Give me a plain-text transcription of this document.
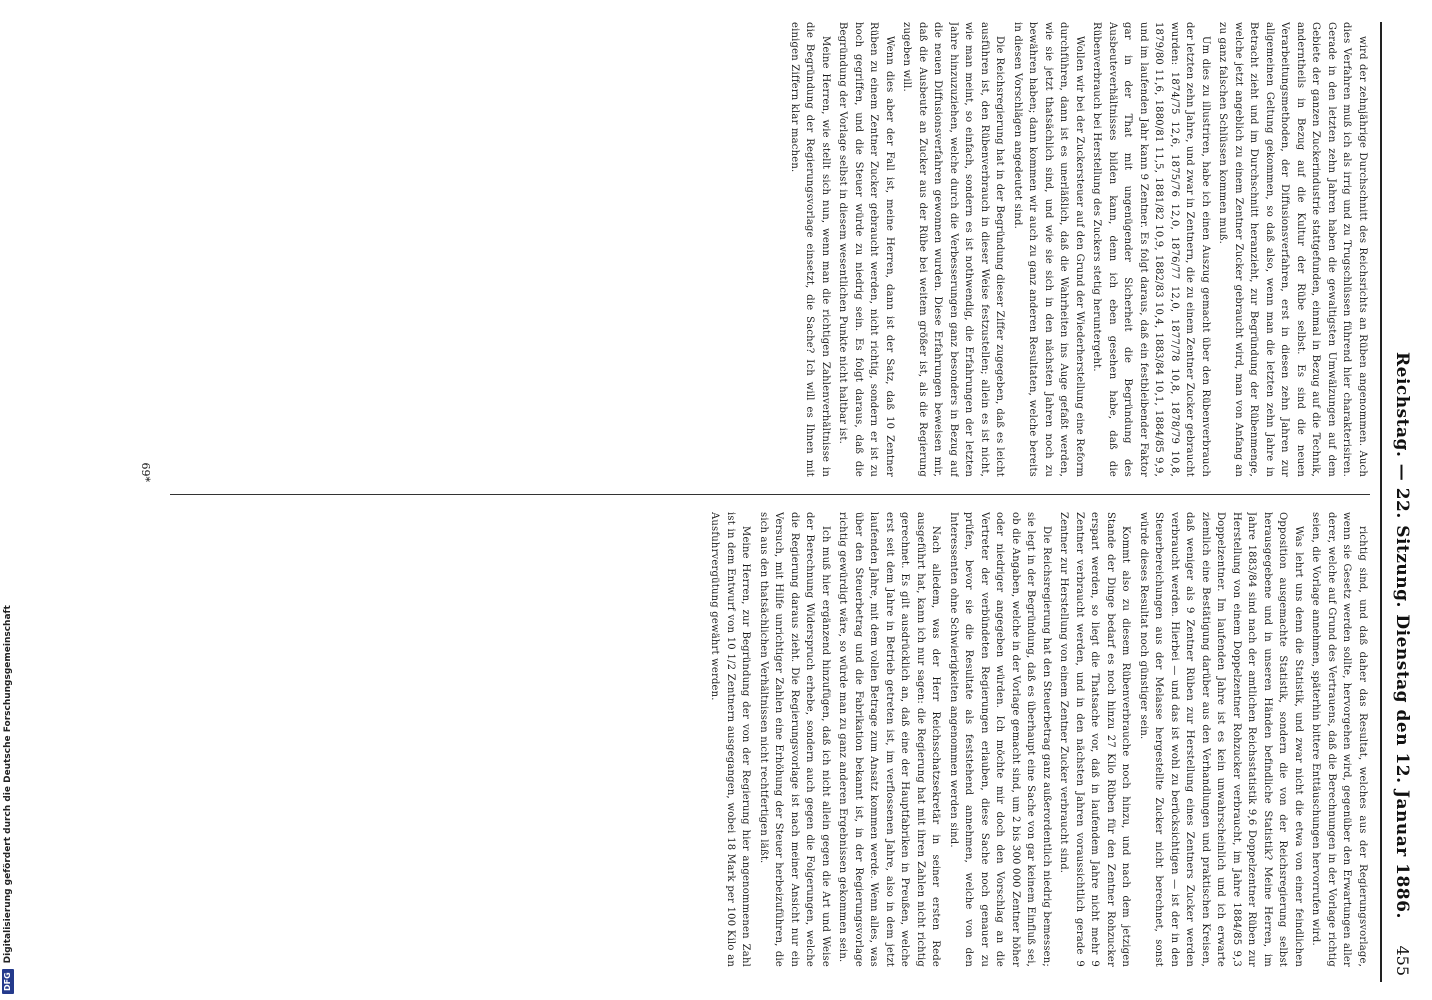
Reichstag. — 22. Sitzung. Dienstag den 12. Januar 1886.
455

wird der zehnjährige Durchschnitt des Reichsrichts an Rüben angenommen. Auch dies Verfahren muß ich als irrig und zu Trugschlüssen führend hier charakterisiren. Gerade in den letzten zehn Jahren haben die gewaltigsten Umwälzungen auf dem Gebiete der ganzen Zuckerindustrie stattgefunden, einmal in Bezug auf die Technik, anderntheils in Bezug auf die Kultur der Rübe selbst. Es sind die neuen Verarbeitungsmethoden, der Diffusionsverfahren, erst in diesen zehn Jahren zur allgemeinen Geltung gekommen, so daß also, wenn man die letzten zehn Jahre in Betracht zieht und im Durchschnitt heranzieht, zur Begründung der Rübenmenge, welche jetzt angeblich zu einem Zentner Zucker gebraucht wird, man von Anfang an zu ganz falschen Schlüssen kommen muß.

Um dies zu illustriren, habe ich einen Auszug gemacht über den Rübenverbrauch der letzten zehn Jahre, und zwar in Zentnern, die zu einem Zentner Zucker gebraucht wurden: 1874/75 12,6, 1875/76 12,0, 1876/77 12,0, 1877/78 10,8, 1878/79 10,8, 1879/80 11,6, 1880/81 11,5, 1881/82 10,9, 1882/83 10,4, 1883/84 10,1, 1884/85 9,9, und im laufenden Jahr kann 9 Zentner. Es folgt daraus, daß ein festbleibender Faktor gar in der That mit ungenügender Sicherheit die Begründung des Ausbeuteverhältnisses bilden kann, denn ich eben gesehen habe, daß die Rübenverbrauch bei Herstellung des Zuckers stetig heruntergeht.

Wollen wir bei der Zuckersteuer auf den Grund der Wiederherstellung eine Reform durchführen, dann ist es unerläßlich, daß die Wahrheiten ins Auge gefaßt werden, wie sie jetzt thatsächlich sind, und wie sie sich in den nächsten Jahren noch zu bewähren haben; dann kommen wir auch zu ganz anderen Resultaten, welche bereits in diesen Vorschlägen angedeutet sind.

Die Reichsregierung hat in der Begründung dieser Ziffer zugegeben, daß es leicht ausführen ist, den Rübenverbrauch in dieser Weise festzustellen; allein es ist nicht, wie man meint, so einfach, sondern es ist nothwendig, die Erfahrungen der letzten Jahre hinzuzuziehen, welche durch die Verbesserungen ganz besonders in Bezug auf die neuen Diffusionsverfahren gewonnen wurden. Diese Erfahrungen beweisen mir, daß die Ausbeute an Zucker aus der Rübe bei weitem größer ist, als die Regierung zugeben will.

Wenn dies aber der Fall ist, meine Herren, dann ist der Satz, daß 10 Zentner Rüben zu einem Zentner Zucker gebraucht werden, nicht richtig, sondern er ist zu hoch gegriffen, und die Steuer würde zu niedrig sein. Es folgt daraus, daß die Begründung der Vorlage selbst in diesem wesentlichen Punkte nicht haltbar ist.

Meine Herren, wie stellt sich nun, wenn man die richtigen Zahlenverhältnisse in die Begründung der Regierungsvorlage einsetzt, die Sache? Ich will es Ihnen mit einigen Ziffern klar machen.

richtig sind, und daß daher das Resultat, welches aus der Regierungsvorlage, wenn sie Gesetz werden sollte, hervorgehen wird, gegenüber den Erwartungen aller derer, welche auf Grund des Vertrauens, daß die Berechnungen in der Vorlage richtig seien, die Vorlage annehmen, späterhin bittere Enttäuschungen hervorrufen wird.

Was lehrt uns denn die Statistik, und zwar nicht die etwa von einer feindlichen Opposition ausgemachte Statistik, sondern die von der Reichsregierung selbst herausgegebene und in unseren Händen befindliche Statistik? Meine Herren, im Jahre 1883/84 sind nach der amtlichen Reichsstatistik 9,6 Doppelzentner Rüben zur Herstellung von einem Doppelzentner Rohzucker verbraucht, im Jahre 1884/85 9,3 Doppelzentner. Im laufenden Jahre ist es kein unwahrscheinlich und ich erwarte ziemlich eine Bestätigung darüber aus den Verhandlungen und praktischen Kreisen, daß weniger als 9 Zentner Rüben zur Herstellung eines Zentners Zucker werden verbraucht werden. Hierbei — und das ist wohl zu berücksichtigen — ist der in den Steuerbereichungen aus der Melasse hergestellte Zucker nicht berechnet, sonst würde dieses Resultat noch günstiger sein.

Kommt also zu diesem Rübenverbrauche noch hinzu, und nach dem jetzigen Stande der Dinge bedarf es noch hinzu 27 Kilo Rüben für den Zentner Rohzucker erspart werden, so liegt die Thatsache vor, daß in laufendem Jahre nicht mehr 9 Zentner verbraucht werden, und in den nächsten Jahren voraussichtlich gerade 9 Zentner zur Herstellung von einem Zentner Zucker verbraucht sind.

Die Reichsregierung hat den Steuerbetrag ganz außerordentlich niedrig bemessen; sie legt in der Begründung, daß es überhaupt eine Sache von gar keinem Einfluß sei, ob die Angaben, welche in der Vorlage gemacht sind, um 2 bis 300 000 Zentner höher oder niedriger angegeben würden. Ich möchte mir doch den Vorschlag an die Vertreter der verbündeten Regierungen erlauben, diese Sache noch genauer zu prüfen, bevor sie die Resultate als feststehend annehmen, welche von den Interessenten ohne Schwierigkeiten angenommen werden sind.

Nach alledem, was der Herr Reichsschatzsekretär in seiner ersten Rede ausgeführt hat, kann ich nur sagen: die Regierung hat mit ihren Zahlen nicht richtig gerechnet. Es gilt ausdrücklich an, daß eine der Hauptfabriken in Preußen, welche erst seit dem Jahre in Betrieb getreten ist, im verflossenen Jahre, also in dem jetzt laufenden Jahre, mit dem vollen Betrage zum Ansatz kommen werde. Wenn alles, was über den Steuerbetrag und die Fabrikation bekannt ist, in der Regierungsvorlage richtig gewürdigt wäre, so würde man zu ganz anderen Ergebnissen gekommen sein.

Ich muß hier ergänzend hinzufügen, daß ich nicht allein gegen die Art und Weise der Berechnung Widerspruch erhebe, sondern auch gegen die Folgerungen, welche die Regierung daraus zieht. Die Regierungsvorlage ist nach meiner Ansicht nur ein Versuch, mit Hilfe unrichtiger Zahlen eine Erhöhung der Steuer herbeizuführen, die sich aus den thatsächlichen Verhältnissen nicht rechtfertigen läßt.

Meine Herren, zur Begründung der von der Regierung hier angenommenen Zahl ist in dem Entwurf von 10 1/2 Zentnern ausgegangen, wobei 18 Mark per 100 Kilo an Ausfuhrvergütung gewährt werden.

69*
DFGDigitalisierung gefördert durch die Deutsche Forschungsgemeinschaft
